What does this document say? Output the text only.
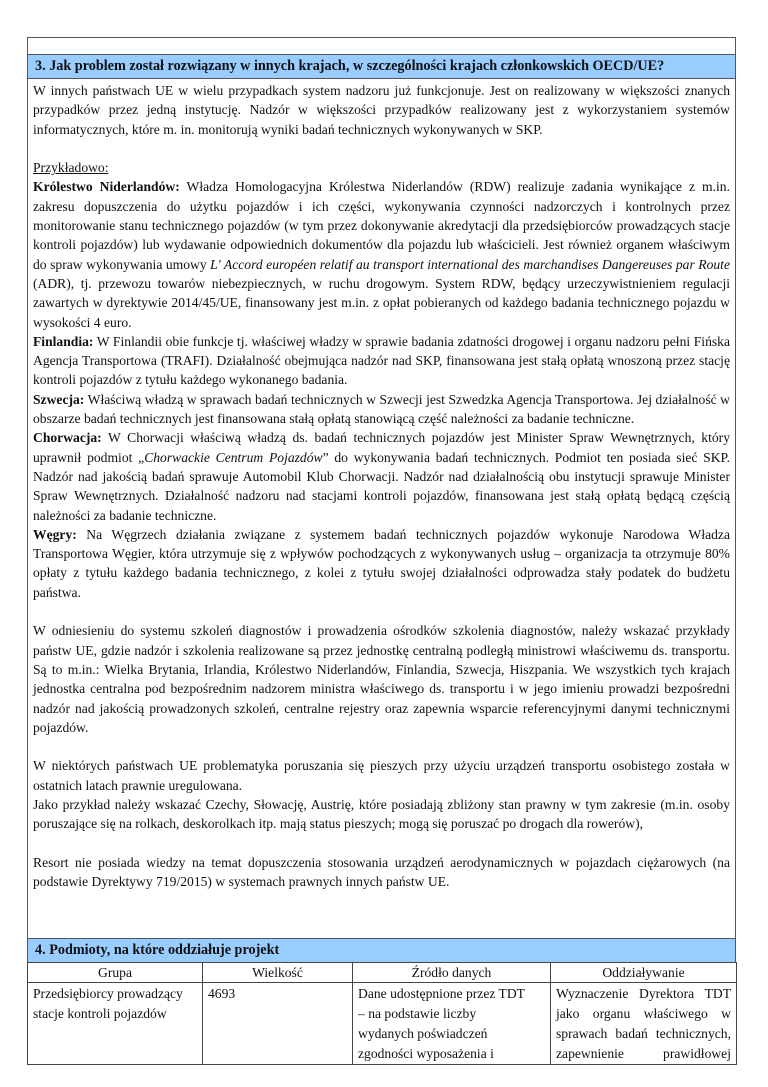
3. Jak problem został rozwiązany w innych krajach, w szczególności krajach członkowskich OECD/UE?

W innych państwach UE w wielu przypadkach system nadzoru już funkcjonuje. Jest on realizowany w większości znanych przypadków przez jedną instytucję. Nadzór w większości przypadków realizowany jest z wykorzystaniem systemów informatycznych, które m. in. monitorują wyniki badań technicznych wykonywanych w SKP.

Przykładowo:

Królestwo Niderlandów: Władza Homologacyjna Królestwa Niderlandów (RDW) realizuje zadania wynikające z m.in. zakresu dopuszczenia do użytku pojazdów i ich części, wykonywania czynności nadzorczych i kontrolnych przez monitorowanie stanu technicznego pojazdów (w tym przez dokonywanie akredytacji dla przedsiębiorców prowadzących stacje kontroli pojazdów) lub wydawanie odpowiednich dokumentów dla pojazdu lub właścicieli. Jest również organem właściwym do spraw wykonywania umowy L' Accord européen relatif au transport international des marchandises Dangereuses par Route (ADR), tj. przewozu towarów niebezpiecznych, w ruchu drogowym. System RDW, będący urzeczywistnieniem regulacji zawartych w dyrektywie 2014/45/UE, finansowany jest m.in. z opłat pobieranych od każdego badania technicznego pojazdu w wysokości 4 euro.

Finlandia: W Finlandii obie funkcje tj. właściwej władzy w sprawie badania zdatności drogowej i organu nadzoru pełni Fińska Agencja Transportowa (TRAFI). Działalność obejmująca nadzór nad SKP, finansowana jest stałą opłatą wnoszoną przez stację kontroli pojazdów z tytułu każdego wykonanego badania.

Szwecja: Właściwą władzą w sprawach badań technicznych w Szwecji jest Szwedzka Agencja Transportowa. Jej działalność w obszarze badań technicznych jest finansowana stałą opłatą stanowiącą część należności za badanie techniczne.

Chorwacja: W Chorwacji właściwą władzą ds. badań technicznych pojazdów jest Minister Spraw Wewnętrznych, który uprawnił podmiot „Chorwackie Centrum Pojazdów” do wykonywania badań technicznych. Podmiot ten posiada sieć SKP. Nadzór nad jakością badań sprawuje Automobil Klub Chorwacji. Nadzór nad działalnością obu instytucji sprawuje Minister Spraw Wewnętrznych. Działalność nadzoru nad stacjami kontroli pojazdów, finansowana jest stałą opłatą będącą częścią należności za badanie techniczne.

Węgry: Na Węgrzech działania związane z systemem badań technicznych pojazdów wykonuje Narodowa Władza Transportowa Węgier, która utrzymuje się z wpływów pochodzących z wykonywanych usług – organizacja ta otrzymuje 80% opłaty z tytułu każdego badania technicznego, z kolei z tytułu swojej działalności odprowadza stały podatek do budżetu państwa.

W odniesieniu do systemu szkoleń diagnostów i prowadzenia ośrodków szkolenia diagnostów, należy wskazać przykłady państw UE, gdzie nadzór i szkolenia realizowane są przez jednostkę centralną podległą ministrowi właściwemu ds. transportu. Są to m.in.: Wielka Brytania, Irlandia, Królestwo Niderlandów, Finlandia, Szwecja, Hiszpania. We wszystkich tych krajach jednostka centralna pod bezpośrednim nadzorem ministra właściwego ds. transportu i w jego imieniu prowadzi bezpośredni nadzór nad jakością prowadzonych szkoleń, centralne rejestry oraz zapewnia wsparcie referencyjnymi danymi technicznymi pojazdów.

W niektórych państwach UE problematyka poruszania się pieszych przy użyciu urządzeń transportu osobistego została w ostatnich latach prawnie uregulowana.

Jako przykład należy wskazać Czechy, Słowację, Austrię, które posiadają zbliżony stan prawny w tym zakresie (m.in. osoby poruszające się na rolkach, deskorolkach itp. mają status pieszych; mogą się poruszać po drogach dla rowerów),

Resort nie posiada wiedzy na temat dopuszczenia stosowania urządzeń aerodynamicznych w pojazdach ciężarowych (na podstawie Dyrektywy 719/2015) w systemach prawnych innych państw UE.

4. Podmioty, na które oddziałuje projekt
Grupa	Wielkość	Źródło danych	Oddziaływanie
Przedsiębiorcy prowadzący stacje kontroli pojazdów	4693	Dane udostępnione przez TDT
– na podstawie liczby
wydanych poświadczeń
zgodności wyposażenia i	Wyznaczenie Dyrektora TDT
jako organu właściwego w
sprawach badań technicznych,
zapewnienie prawidłowej
